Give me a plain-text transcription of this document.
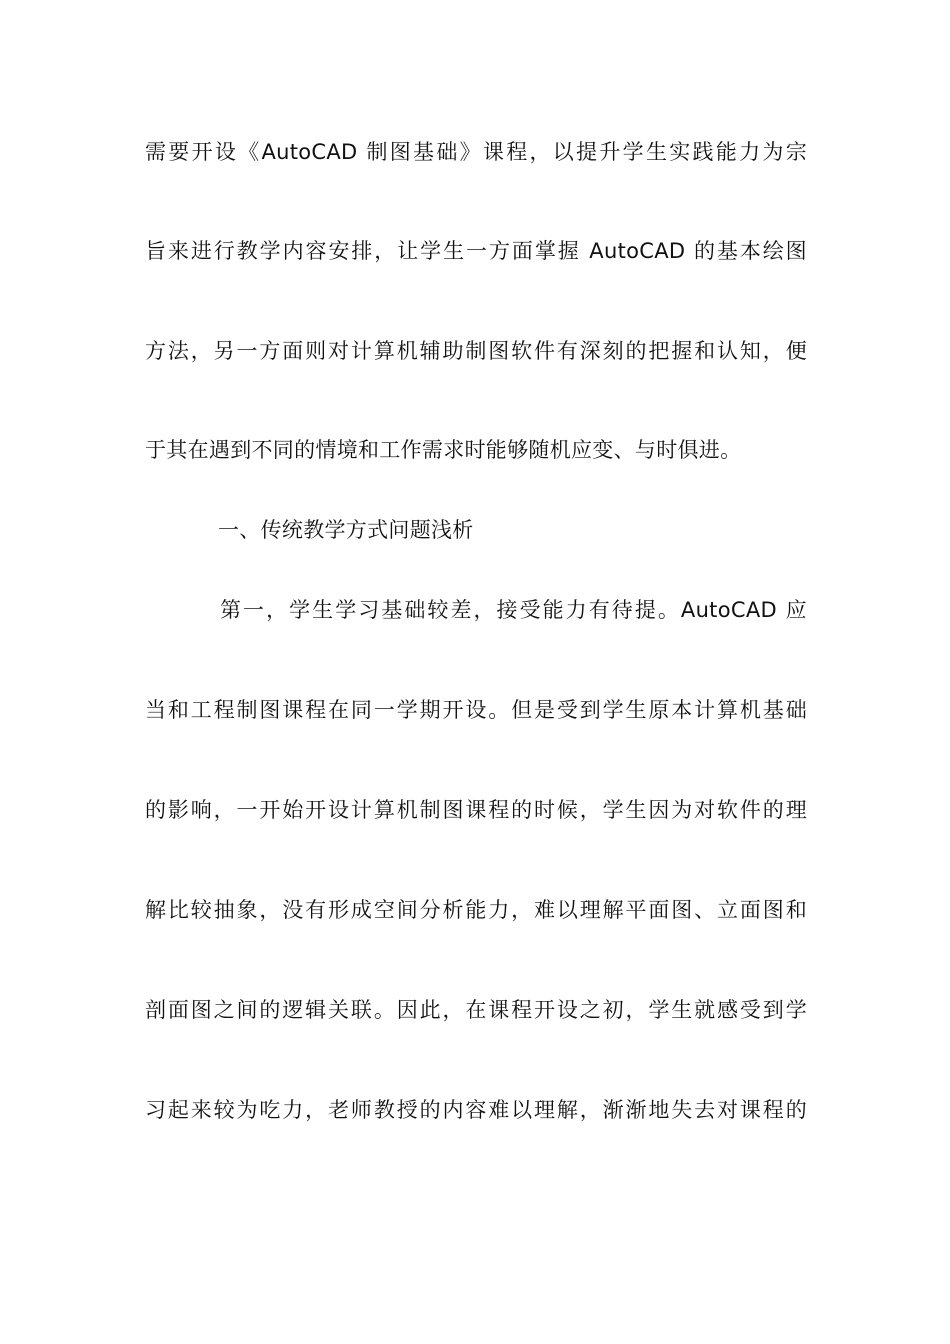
需要开设《AutoCAD 制图基础》课程，以提升学生实践能力为宗
旨来进行教学内容安排，让学生一方面掌握 AutoCAD 的基本绘图
方法，另一方面则对计算机辅助制图软件有深刻的把握和认知，便
于其在遇到不同的情境和工作需求时能够随机应变、与时俱进。
一、传统教学方式问题浅析
第一，学生学习基础较差，接受能力有待提。AutoCAD 应
当和工程制图课程在同一学期开设。但是受到学生原本计算机基础
的影响，一开始开设计算机制图课程的时候，学生因为对软件的理
解比较抽象，没有形成空间分析能力，难以理解平面图、立面图和
剖面图之间的逻辑关联。因此，在课程开设之初，学生就感受到学
习起来较为吃力，老师教授的内容难以理解，渐渐地失去对课程的
